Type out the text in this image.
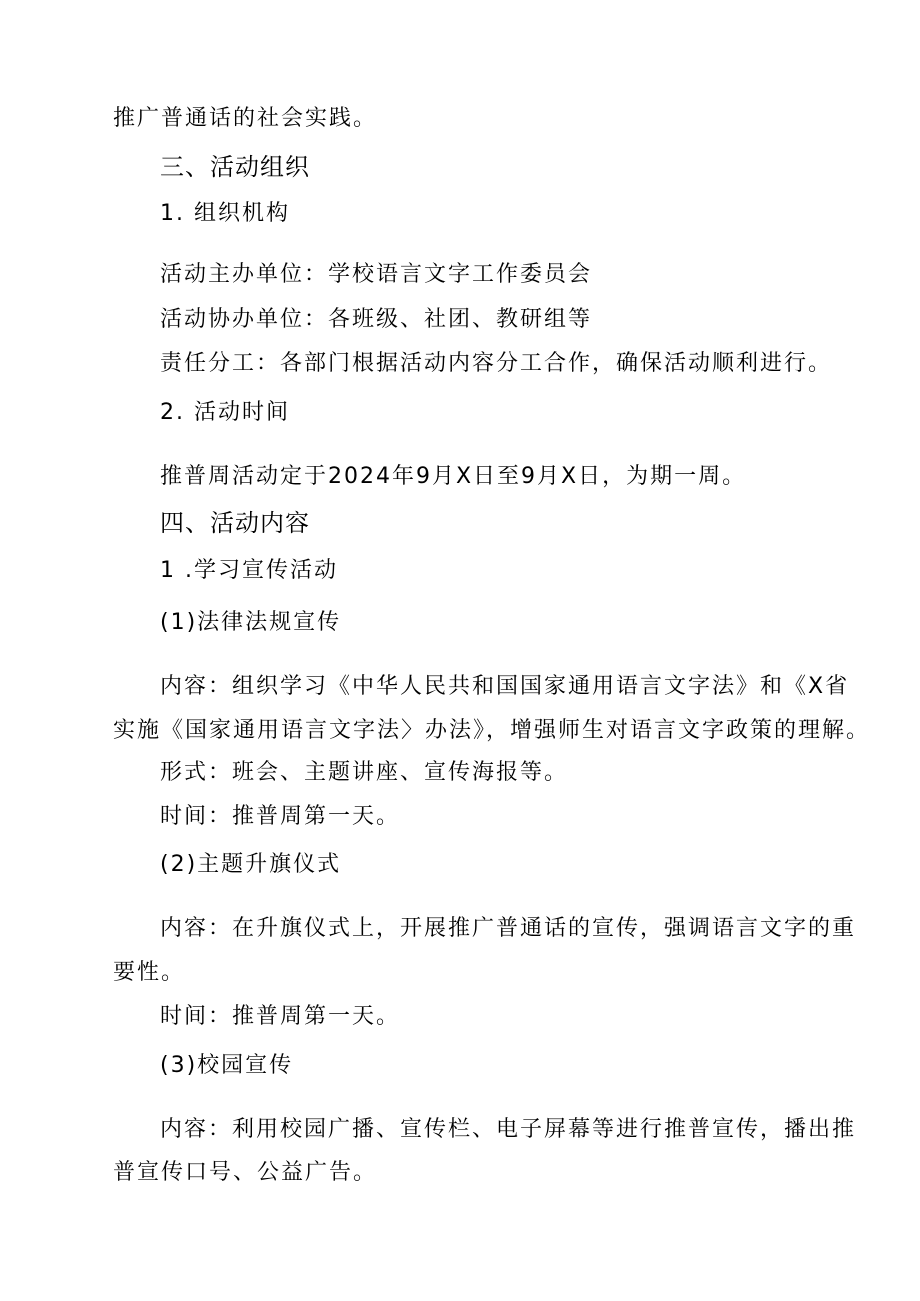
推广普通话的社会实践。
三、活动组织
1. 组织机构
活动主办单位：学校语言文字工作委员会
活动协办单位：各班级、社团、教研组等
责任分工：各部门根据活动内容分工合作，确保活动顺利进行。
2. 活动时间
推普周活动定于2024年9月X日至9月X日，为期一周。
四、活动内容
1 .学习宣传活动
(1)法律法规宣传
内容：组织学习《中华人民共和国国家通用语言文字法》和《X省
实施《国家通用语言文字法〉办法》，增强师生对语言文字政策的理解。
形式：班会、主题讲座、宣传海报等。
时间：推普周第一天。
(2)主题升旗仪式
内容：在升旗仪式上，开展推广普通话的宣传，强调语言文字的重
要性。
时间：推普周第一天。
(3)校园宣传
内容：利用校园广播、宣传栏、电子屏幕等进行推普宣传，播出推
普宣传口号、公益广告。
